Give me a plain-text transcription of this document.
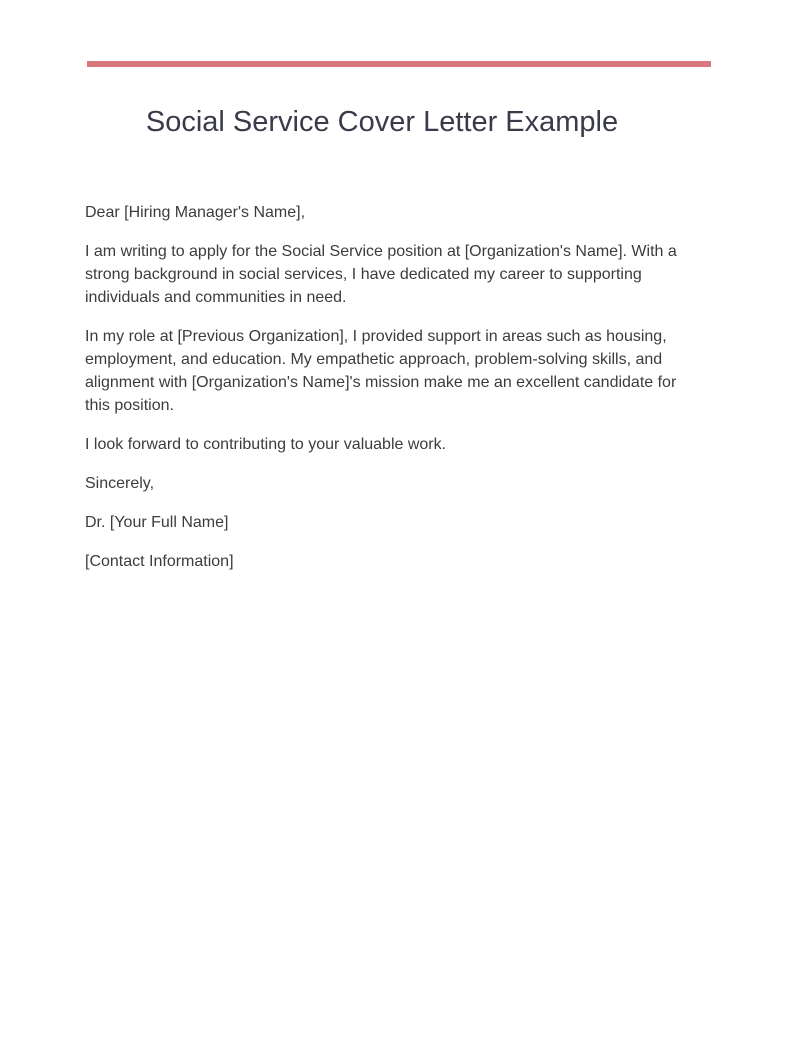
Social Service Cover Letter Example

Dear [Hiring Manager's Name],

I am writing to apply for the Social Service position at [Organization's Name]. With a strong background in social services, I have dedicated my career to supporting individuals and communities in need.

In my role at [Previous Organization], I provided support in areas such as housing, employment, and education. My empathetic approach, problem-solving skills, and alignment with [Organization's Name]'s mission make me an excellent candidate for this position.

I look forward to contributing to your valuable work.

Sincerely,

Dr. [Your Full Name]

[Contact Information]
